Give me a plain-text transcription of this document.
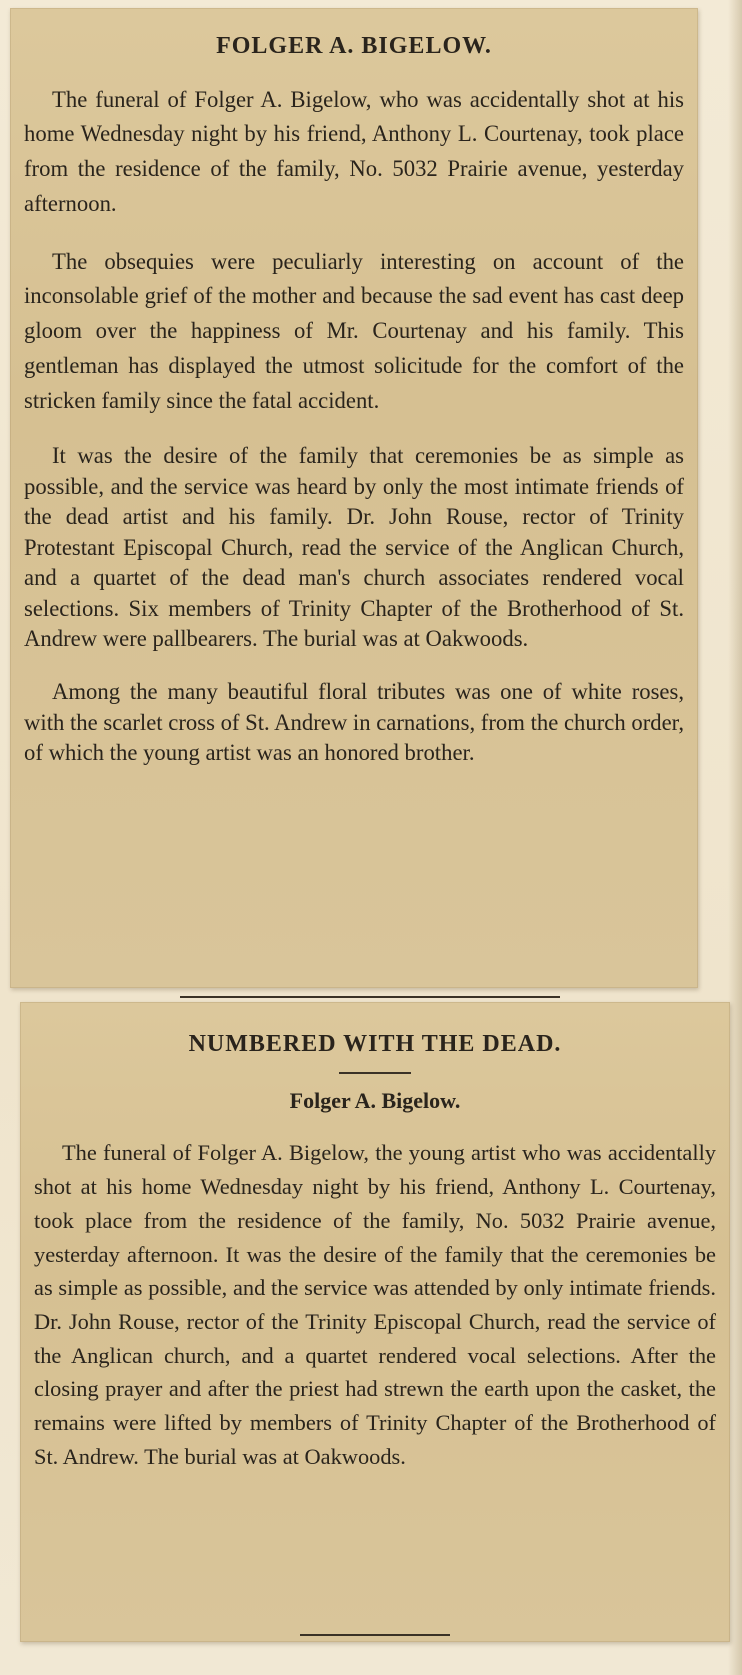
FOLGER A. BIGELOW.

The funeral of Folger A. Bigelow, who was accidentally shot at his home Wednesday night by his friend, Anthony L. Courtenay, took place from the residence of the family, No. 5032 Prairie avenue, yesterday afternoon.

The obsequies were peculiarly interesting on account of the inconsolable grief of the mother and because the sad event has cast deep gloom over the happiness of Mr. Courtenay and his family. This gentleman has displayed the utmost solicitude for the comfort of the stricken family since the fatal accident.

It was the desire of the family that ceremonies be as simple as possible, and the service was heard by only the most intimate friends of the dead artist and his family. Dr. John Rouse, rector of Trinity Protestant Episcopal Church, read the service of the Anglican Church, and a quartet of the dead man's church associates rendered vocal selections. Six members of Trinity Chapter of the Brotherhood of St. Andrew were pallbearers. The burial was at Oakwoods.

Among the many beautiful floral tributes was one of white roses, with the scarlet cross of St. Andrew in carnations, from the church order, of which the young artist was an honored brother.

NUMBERED WITH THE DEAD.
Folger A. Bigelow.

The funeral of Folger A. Bigelow, the young artist who was accidentally shot at his home Wednesday night by his friend, Anthony L. Courtenay, took place from the residence of the family, No. 5032 Prairie avenue, yesterday afternoon. It was the desire of the family that the ceremonies be as simple as possible, and the service was attended by only intimate friends. Dr. John Rouse, rector of the Trinity Episcopal Church, read the service of the Anglican church, and a quartet rendered vocal selections. After the closing prayer and after the priest had strewn the earth upon the casket, the remains were lifted by members of Trinity Chapter of the Brotherhood of St. Andrew. The burial was at Oakwoods.
